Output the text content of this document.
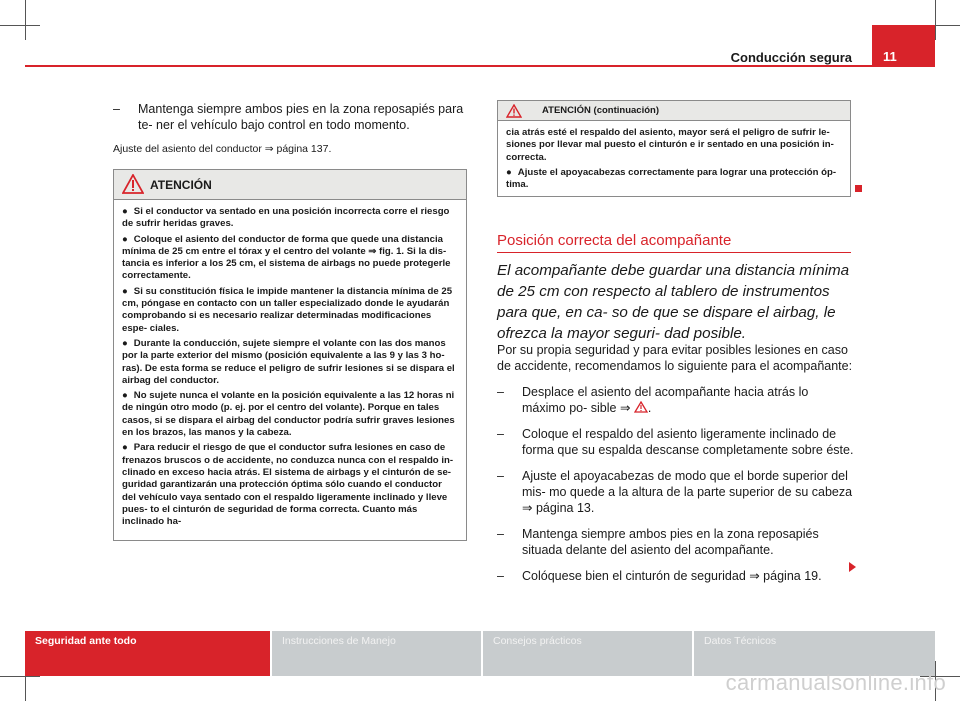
Conducción segura 11
– Mantenga siempre ambos pies en la zona reposapiés para te- ner el vehículo bajo control en todo momento.
Ajuste del asiento del conductor ⇒ página 137.
ATENCIÓN

● Si el conductor va sentado en una posición incorrecta corre el riesgo de sufrir heridas graves.

● Coloque el asiento del conductor de forma que quede una distancia mínima de 25 cm entre el tórax y el centro del volante ⇒ fig. 1. Si la dis- tancia es inferior a los 25 cm, el sistema de airbags no puede protegerle correctamente.

● Si su constitución física le impide mantener la distancia mínima de 25 cm, póngase en contacto con un taller especializado donde le ayudarán comprobando si es necesario realizar determinadas modificaciones espe- ciales.

● Durante la conducción, sujete siempre el volante con las dos manos por la parte exterior del mismo (posición equivalente a las 9 y las 3 ho- ras). De esta forma se reduce el peligro de sufrir lesiones si se dispara el airbag del conductor.

● No sujete nunca el volante en la posición equivalente a las 12 horas ni de ningún otro modo (p. ej. por el centro del volante). Porque en tales casos, si se dispara el airbag del conductor podría sufrir graves lesiones en los brazos, las manos y la cabeza.

● Para reducir el riesgo de que el conductor sufra lesiones en caso de frenazos bruscos o de accidente, no conduzca nunca con el respaldo in- clinado en exceso hacia atrás. El sistema de airbags y el cinturón de se- guridad garantizarán una protección óptima sólo cuando el conductor del vehículo vaya sentado con el respaldo ligeramente inclinado y lleve pues- to el cinturón de seguridad de forma correcta. Cuanto más inclinado ha-

ATENCIÓN (continuación)

cia atrás esté el respaldo del asiento, mayor será el peligro de sufrir le- siones por llevar mal puesto el cinturón e ir sentado en una posición in- correcta.

● Ajuste el apoyacabezas correctamente para lograr una protección óp- tima.

Posición correcta del acompañante
El acompañante debe guardar una distancia mínima de 25 cm con respecto al tablero de instrumentos para que, en ca- so de que se dispare el airbag, le ofrezca la mayor seguri- dad posible.

Por su propia seguridad y para evitar posibles lesiones en caso de accidente, recomendamos lo siguiente para el acompañante:

– Desplace el asiento del acompañante hacia atrás lo máximo po- sible ⇒ .
– Coloque el respaldo del asiento ligeramente inclinado de forma que su espalda descanse completamente sobre éste.
– Ajuste el apoyacabezas de modo que el borde superior del mis- mo quede a la altura de la parte superior de su cabeza ⇒ página 13.
– Mantenga siempre ambos pies en la zona reposapiés situada delante del asiento del acompañante.
– Colóquese bien el cinturón de seguridad ⇒ página 19.
Seguridad ante todo	Instrucciones de Manejo	Consejos prácticos	Datos Técnicos
carmanualsonline.info
